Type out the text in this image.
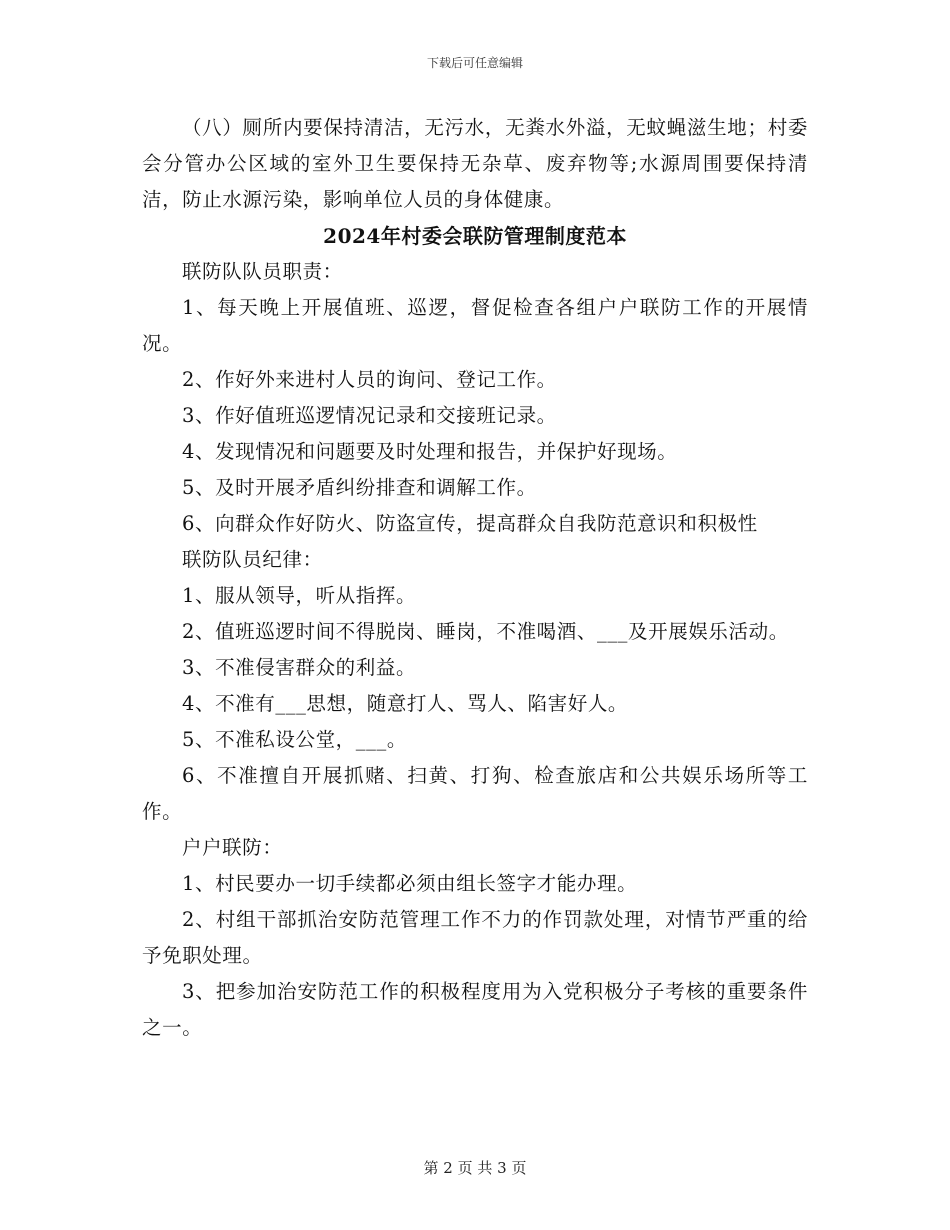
下载后可任意编辑

（八）厕所内要保持清洁，无污水，无粪水外溢，无蚊蝇滋生地；村委会分管办公区域的室外卫生要保持无杂草、废弃物等;水源周围要保持清洁，防止水源污染，影响单位人员的身体健康。

2024年村委会联防管理制度范本

联防队队员职责：

1、每天晚上开展值班、巡逻，督促检查各组户户联防工作的开展情况。

2、作好外来进村人员的询问、登记工作。

3、作好值班巡逻情况记录和交接班记录。

4、发现情况和问题要及时处理和报告，并保护好现场。

5、及时开展矛盾纠纷排查和调解工作。

6、向群众作好防火、防盗宣传，提高群众自我防范意识和积极性

联防队员纪律：

1、服从领导，听从指挥。

2、值班巡逻时间不得脱岗、睡岗，不准喝酒、___及开展娱乐活动。

3、不准侵害群众的利益。

4、不准有___思想，随意打人、骂人、陷害好人。

5、不准私设公堂，___。

6、不准擅自开展抓赌、扫黄、打狗、检查旅店和公共娱乐场所等工作。

户户联防：

1、村民要办一切手续都必须由组长签字才能办理。

2、村组干部抓治安防范管理工作不力的作罚款处理，对情节严重的给予免职处理。

3、把参加治安防范工作的积极程度用为入党积极分子考核的重要条件之一。

第 2 页 共 3 页
